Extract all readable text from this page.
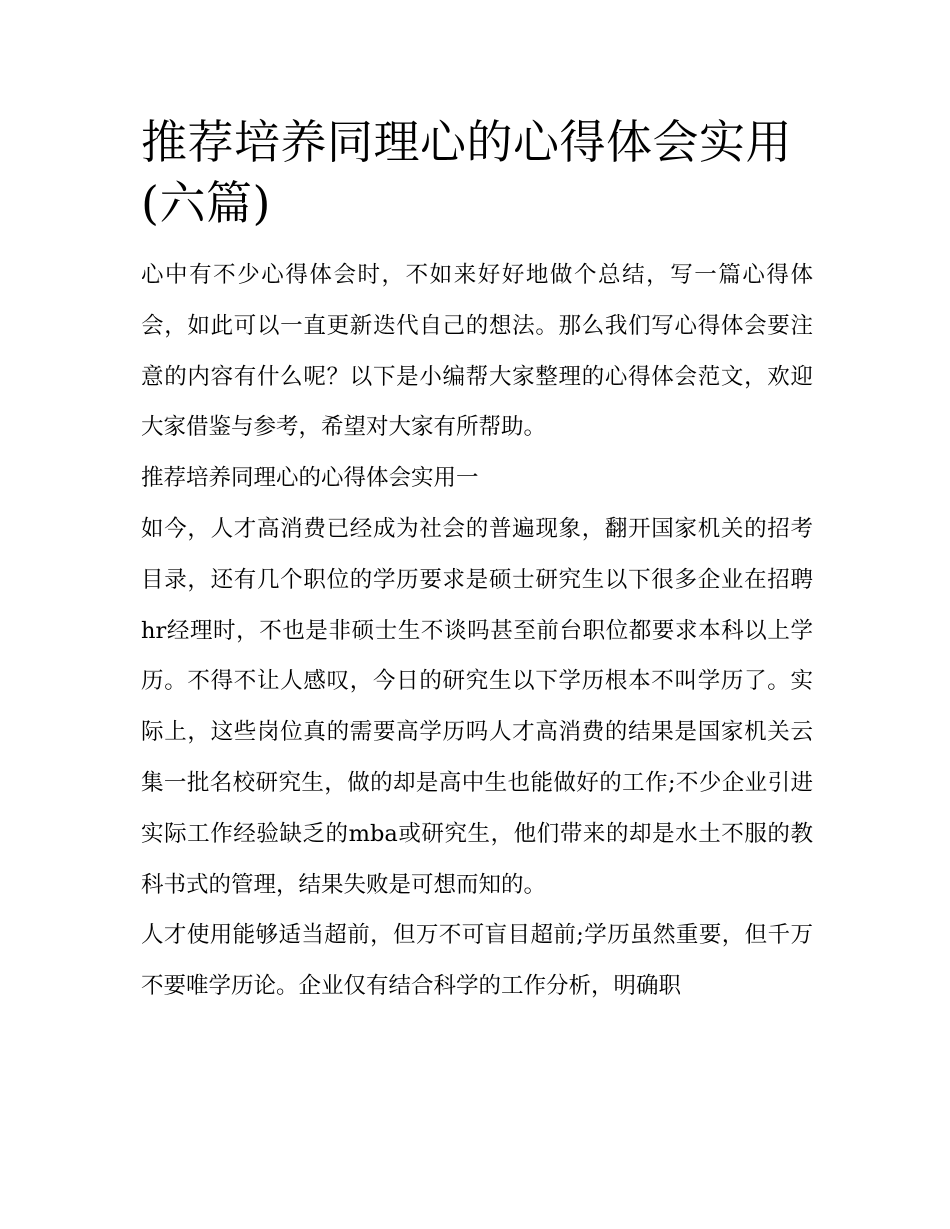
推荐培养同理心的心得体会实用(六篇)

心中有不少心得体会时，不如来好好地做个总结，写一篇心得体会，如此可以一直更新迭代自己的想法。那么我们写心得体会要注意的内容有什么呢？以下是小编帮大家整理的心得体会范文，欢迎大家借鉴与参考，希望对大家有所帮助。

推荐培养同理心的心得体会实用一

如今，人才高消费已经成为社会的普遍现象，翻开国家机关的招考目录，还有几个职位的学历要求是硕士研究生以下很多企业在招聘hr经理时，不也是非硕士生不谈吗甚至前台职位都要求本科以上学历。不得不让人感叹，今日的研究生以下学历根本不叫学历了。实际上，这些岗位真的需要高学历吗人才高消费的结果是国家机关云集一批名校研究生，做的却是高中生也能做好的工作;不少企业引进实际工作经验缺乏的mba或研究生，他们带来的却是水土不服的教科书式的管理，结果失败是可想而知的。

人才使用能够适当超前，但万不可盲目超前;学历虽然重要，但千万不要唯学历论。企业仅有结合科学的工作分析，明确职
